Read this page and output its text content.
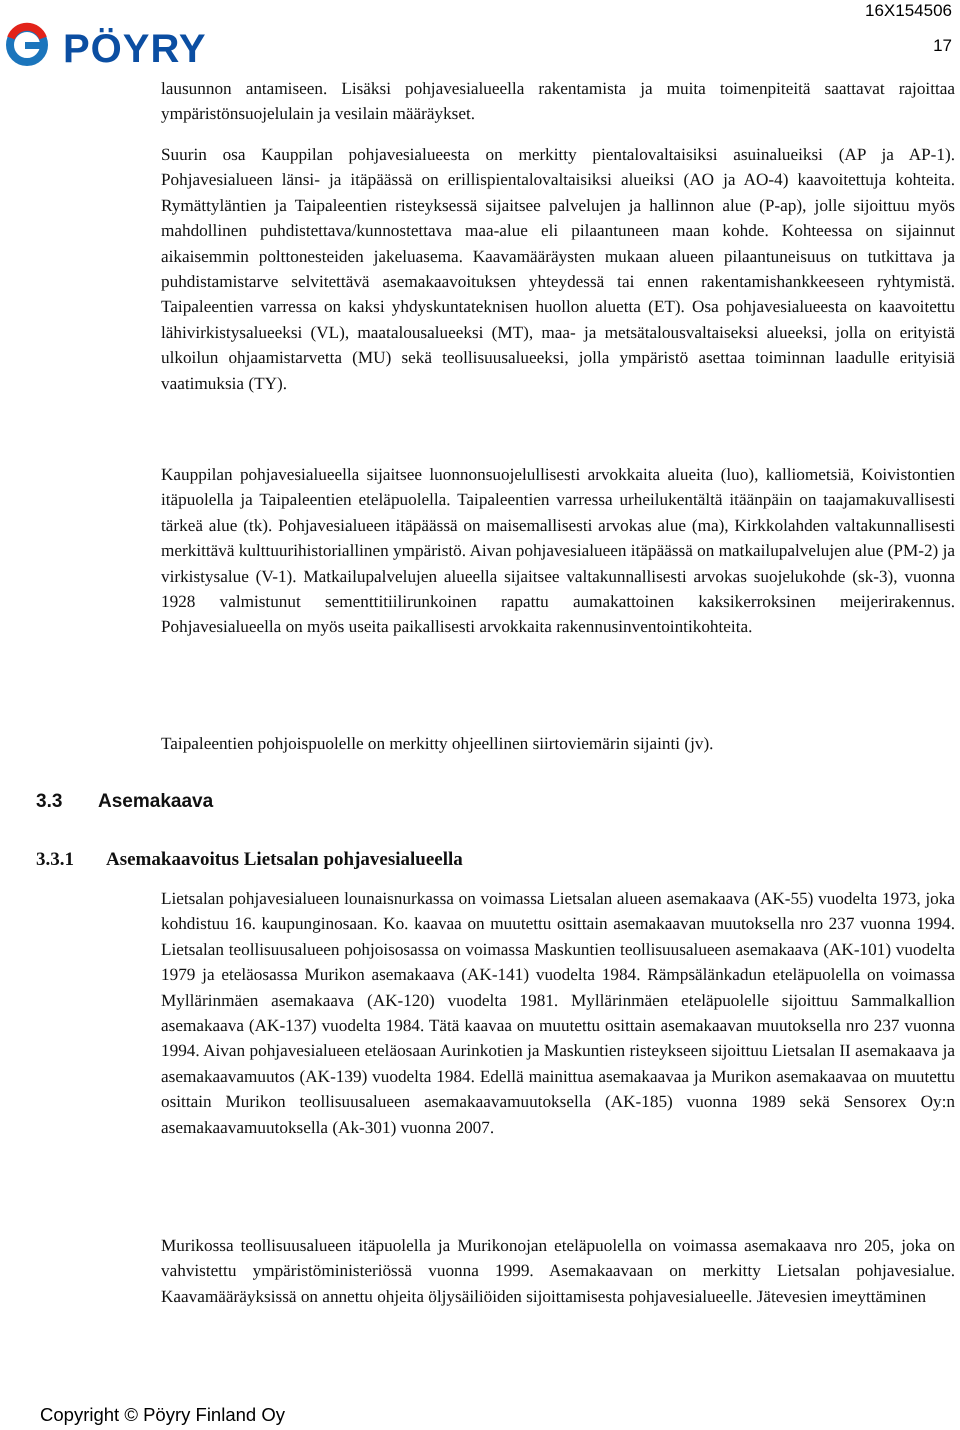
PÖYRY
16X154506
17

lausunnon antamiseen. Lisäksi pohjavesialueella rakentamista ja muita toimenpiteitä saattavat rajoittaa ympäristönsuojelulain ja vesilain määräykset.

Suurin osa Kauppilan pohjavesialueesta on merkitty pientalovaltaisiksi asuinalueiksi (AP ja AP-1). Pohjavesialueen länsi- ja itäpäässä on erillispientalovaltaisiksi alueiksi (AO ja AO-4) kaavoitettuja kohteita. Rymättyläntien ja Taipaleentien risteyksessä sijaitsee palvelujen ja hallinnon alue (P-ap), jolle sijoittuu myös mahdollinen puhdistettava/kunnostettava maa-alue eli pilaantuneen maan kohde. Kohteessa on sijainnut aikaisemmin polttonesteiden jakeluasema. Kaavamääräysten mukaan alueen pilaantuneisuus on tutkittava ja puhdistamistarve selvitettävä asemakaavoituksen yhteydessä tai ennen rakentamishankkeeseen ryhtymistä. Taipaleentien varressa on kaksi yhdyskuntateknisen huollon aluetta (ET). Osa pohjavesialueesta on kaavoitettu lähivirkistysalueeksi (VL), maatalousalueeksi (MT), maa- ja metsätalousvaltaiseksi alueeksi, jolla on erityistä ulkoilun ohjaamistarvetta (MU) sekä teollisuusalueeksi, jolla ympäristö asettaa toiminnan laadulle erityisiä vaatimuksia (TY).

Kauppilan pohjavesialueella sijaitsee luonnonsuojelullisesti arvokkaita alueita (luo), kalliometsiä, Koivistontien itäpuolella ja Taipaleentien eteläpuolella. Taipaleentien varressa urheilukentältä itäänpäin on taajamakuvallisesti tärkeä alue (tk). Pohjavesialueen itäpäässä on maisemallisesti arvokas alue (ma), Kirkkolahden valtakunnallisesti merkittävä kulttuurihistoriallinen ympäristö. Aivan pohjavesialueen itäpäässä on matkailupalvelujen alue (PM-2) ja virkistysalue (V-1). Matkailupalvelujen alueella sijaitsee valtakunnallisesti arvokas suojelukohde (sk-3), vuonna 1928 valmistunut sementtitiilirunkoinen rapattu aumakattoinen kaksikerroksinen meijerirakennus. Pohjavesialueella on myös useita paikallisesti arvokkaita rakennusinventointikohteita.

Taipaleentien pohjoispuolelle on merkitty ohjeellinen siirtoviemärin sijainti (jv).

3.3 Asemakaava
3.3.1 Asemakaavoitus Lietsalan pohjavesialueella

Lietsalan pohjavesialueen lounaisnurkassa on voimassa Lietsalan alueen asemakaava (AK-55) vuodelta 1973, joka kohdistuu 16. kaupunginosaan. Ko. kaavaa on muutettu osittain asemakaavan muutoksella nro 237 vuonna 1994. Lietsalan teollisuusalueen pohjoisosassa on voimassa Maskuntien teollisuusalueen asemakaava (AK-101) vuodelta 1979 ja eteläosassa Murikon asemakaava (AK-141) vuodelta 1984. Rämpsälänkadun eteläpuolella on voimassa Myllärinmäen asemakaava (AK-120) vuodelta 1981. Myllärinmäen eteläpuolelle sijoittuu Sammalkallion asemakaava (AK-137) vuodelta 1984. Tätä kaavaa on muutettu osittain asemakaavan muutoksella nro 237 vuonna 1994. Aivan pohjavesialueen eteläosaan Aurinkotien ja Maskuntien risteykseen sijoittuu Lietsalan II asemakaava ja asemakaavamuutos (AK-139) vuodelta 1984. Edellä mainittua asemakaavaa ja Murikon asemakaavaa on muutettu osittain Murikon teollisuusalueen asemakaavamuutoksella (AK-185) vuonna 1989 sekä Sensorex Oy:n asemakaavamuutoksella (Ak-301) vuonna 2007.

Murikossa teollisuusalueen itäpuolella ja Murikonojan eteläpuolella on voimassa asemakaava nro 205, joka on vahvistettu ympäristöministeriössä vuonna 1999. Asemakaavaan on merkitty Lietsalan pohjavesialue. Kaavamääräyksissä on annettu ohjeita öljysäiliöiden sijoittamisesta pohjavesialueelle. Jätevesien imeyttäminen

Copyright © Pöyry Finland Oy
